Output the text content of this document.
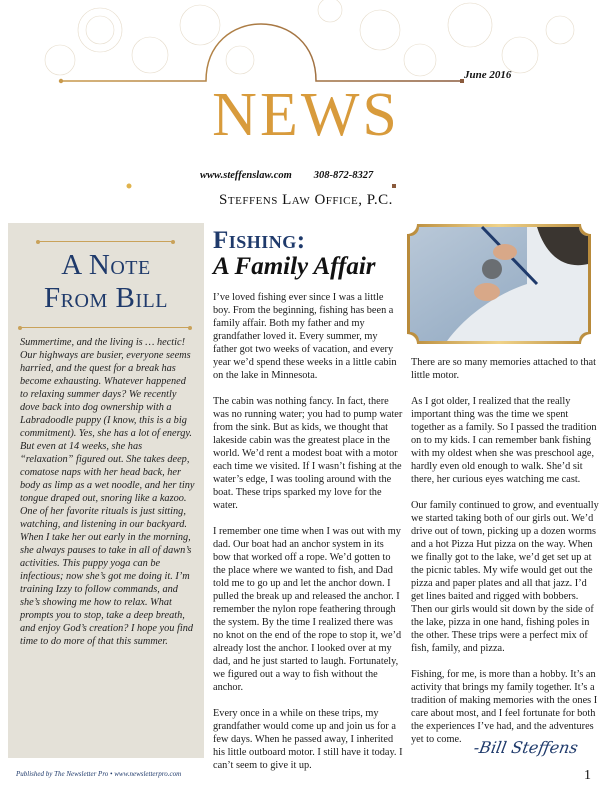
June 2016
NEWS
www.steffenslaw.com 308-872-8327
Steffens Law Office, P.C.
A Note
From Bill
Summertime, and the living is … hectic! Our highways are busier, everyone seems harried, and the quest for a break has become exhausting. Whatever happened to relaxing summer days? We recently dove back into dog ownership with a Labradoodle puppy (I know, this is a big commitment). Yes, she has a lot of energy. But even at 14 weeks, she has “relaxation” figured out. She takes deep, comatose naps with her head back, her body as limp as a wet noodle, and her tiny tongue draped out, snoring like a kazoo. One of her favorite rituals is just sitting, watching, and listening in our backyard. When I take her out early in the morning, she always pauses to take in all of dawn’s activities. This puppy yoga can be infectious; now she’s got me doing it. I’m training Izzy to follow commands, and she’s showing me how to relax. What prompts you to stop, take a deep breath, and enjoy God’s creation? I hope you find time to do more of that this summer.
Fishing:
A Family Affair

I’ve loved fishing ever since I was a little boy. From the beginning, fishing has been a family affair. Both my father and my grandfather loved it. Every summer, my father got two weeks of vacation, and every year we’d spend these weeks in a little cabin on the lake in Minnesota.

The cabin was nothing fancy. In fact, there was no running water; you had to pump water from the sink. But as kids, we thought that lakeside cabin was the greatest place in the world. We’d rent a modest boat with a motor each time we visited. If I wasn’t fishing at the water’s edge, I was tooling around with the boat. These trips sparked my love for the water.

I remember one time when I was out with my dad. Our boat had an anchor system in its bow that worked off a rope. We’d gotten to the place where we wanted to fish, and Dad told me to go up and let the anchor down. I pulled the break up and released the anchor. I remember the nylon rope feathering through the system. By the time I realized there was no knot on the end of the rope to stop it, we’d already lost the anchor. I looked over at my dad, and he just started to laugh. Fortunately, we figured out a way to fish without the anchor.

Every once in a while on these trips, my grandfather would come up and join us for a few days. When he passed away, I inherited his little outboard motor. I still have it today. I can’t seem to give it up.

There are so many memories attached to that little motor.

As I got older, I realized that the really important thing was the time we spent together as a family. So I passed the tradition on to my kids. I can remember bank fishing with my oldest when she was preschool age, hardly even old enough to walk. She’d sit there, her curious eyes watching me cast.

Our family continued to grow, and eventually we started taking both of our girls out. We’d drive out of town, picking up a dozen worms and a hot Pizza Hut pizza on the way. When we finally got to the lake, we’d get set up at the picnic tables. My wife would get out the pizza and paper plates and all that jazz. I’d get lines baited and rigged with bobbers. Then our girls would sit down by the side of the lake, pizza in one hand, fishing poles in the other. These trips were a perfect mix of fish, family, and pizza.

Fishing, for me, is more than a hobby. It’s an activity that brings my family together. It’s a tradition of making memories with the ones I care about most, and I feel fortunate for both the experiences I’ve had, and the adventures yet to come. -Bill Steffens
Published by The Newsletter Pro • www.newsletterpro.com	1
